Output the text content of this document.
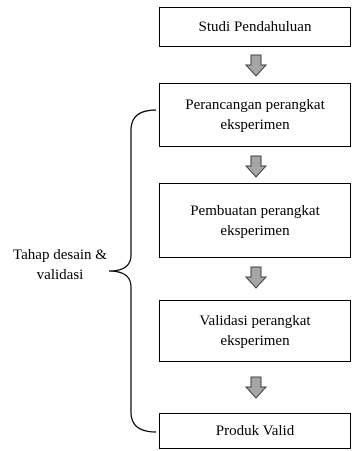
Studi Pendahuluan
Perancangan perangkat eksperimen
Pembuatan perangkat eksperimen
Validasi perangkat eksperimen
Produk Valid
Tahap desain & validasi
